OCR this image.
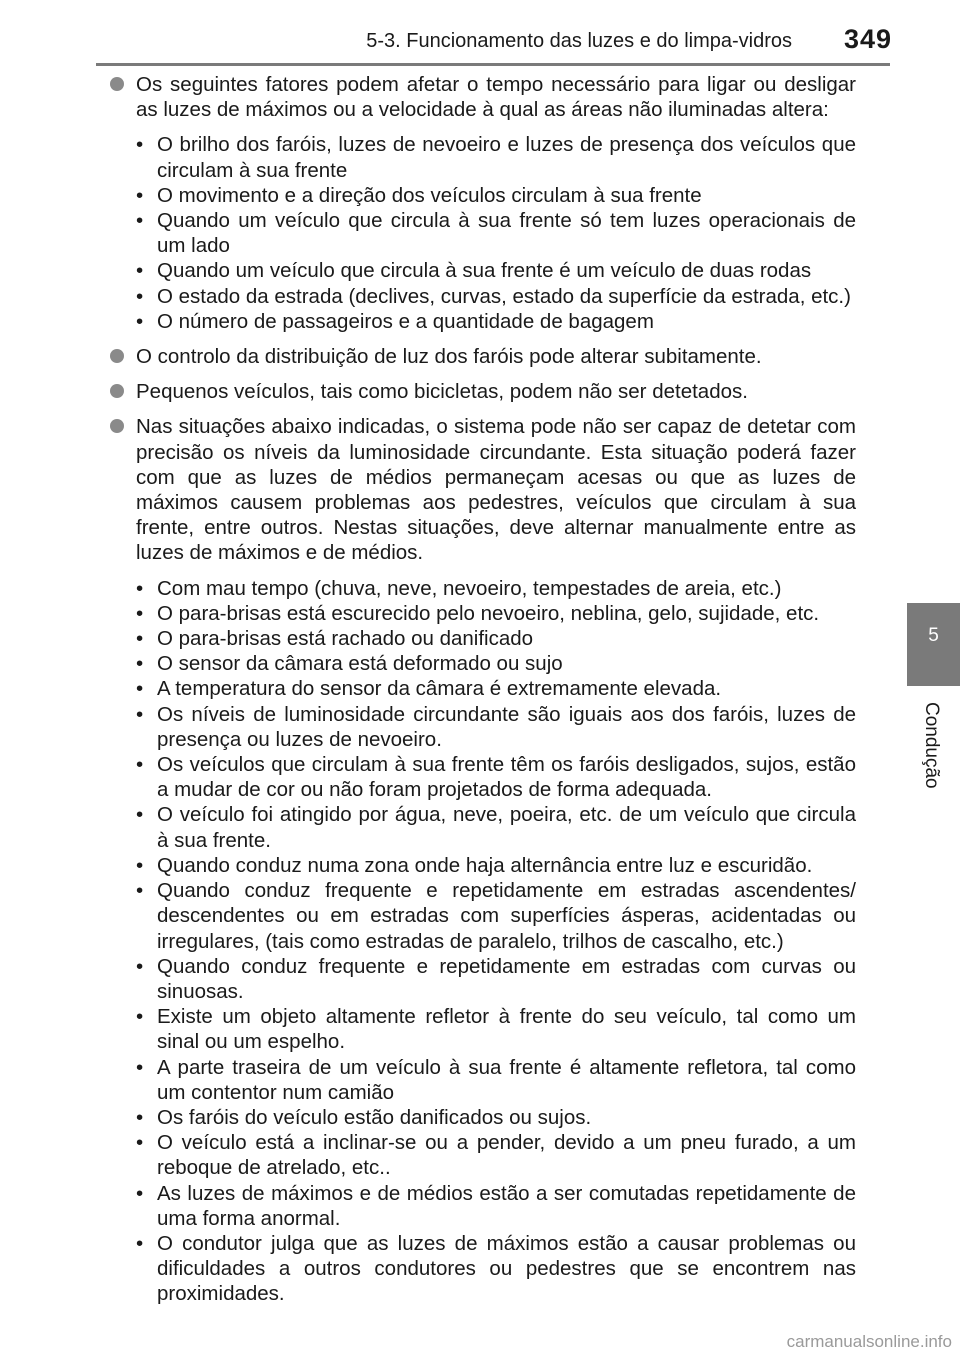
5-3. Funcionamento das luzes e do limpa-vidros 349
5
Condução
Os seguintes fatores podem afetar o tempo necessário para ligar ou desligar as luzes de máximos ou a velocidade à qual as áreas não iluminadas altera:
• O brilho dos faróis, luzes de nevoeiro e luzes de presença dos veículos que circulam à sua frente
• O movimento e a direção dos veículos circulam à sua frente
• Quando um veículo que circula à sua frente só tem luzes operacionais de um lado
• Quando um veículo que circula à sua frente é um veículo de duas rodas
• O estado da estrada (declives, curvas, estado da superfície da estrada, etc.)
• O número de passageiros e a quantidade de bagagem
O controlo da distribuição de luz dos faróis pode alterar subitamente.
Pequenos veículos, tais como bicicletas, podem não ser detetados.
Nas situações abaixo indicadas, o sistema pode não ser capaz de detetar com precisão os níveis da luminosidade circundante. Esta situação poderá fazer com que as luzes de médios permaneçam acesas ou que as luzes de máximos causem problemas aos pedestres, veículos que circulam à sua frente, entre outros. Nestas situações, deve alternar manualmente entre as luzes de máximos e de médios.
• Com mau tempo (chuva, neve, nevoeiro, tempestades de areia, etc.)
• O para-brisas está escurecido pelo nevoeiro, neblina, gelo, sujidade, etc.
• O para-brisas está rachado ou danificado
• O sensor da câmara está deformado ou sujo
• A temperatura do sensor da câmara é extremamente elevada.
• Os níveis de luminosidade circundante são iguais aos dos faróis, luzes de presença ou luzes de nevoeiro.
• Os veículos que circulam à sua frente têm os faróis desligados, sujos, estão a mudar de cor ou não foram projetados de forma adequada.
• O veículo foi atingido por água, neve, poeira, etc. de um veículo que circula à sua frente.
• Quando conduz numa zona onde haja alternância entre luz e escuridão.
• Quando conduz frequente e repetidamente em estradas ascendentes/ descendentes ou em estradas com superfícies ásperas, acidentadas ou irregulares, (tais como estradas de paralelo, trilhos de cascalho, etc.)
• Quando conduz frequente e repetidamente em estradas com curvas ou sinuosas.
• Existe um objeto altamente refletor à frente do seu veículo, tal como um sinal ou um espelho.
• A parte traseira de um veículo à sua frente é altamente refletora, tal como um contentor num camião
• Os faróis do veículo estão danificados ou sujos.
• O veículo está a inclinar-se ou a pender, devido a um pneu furado, a um reboque de atrelado, etc..
• As luzes de máximos e de médios estão a ser comutadas repetidamente de uma forma anormal.
• O condutor julga que as luzes de máximos estão a causar problemas ou dificuldades a outros condutores ou pedestres que se encontrem nas proximidades.
carmanualsonline.info
